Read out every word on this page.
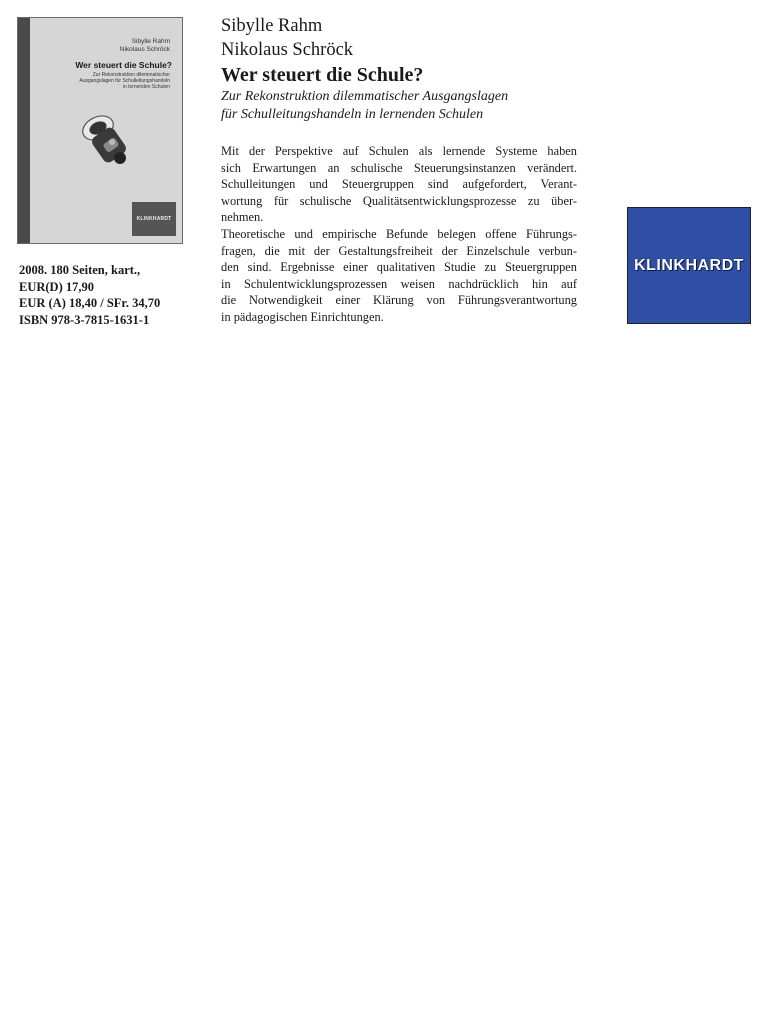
Sibylle Rahm
Nikolaus Schröck
Wer steuert die Schule?
Zur Rekonstruktion dilemmatischer
Ausgangslagen für Schulleitungshandeln
in lernenden Schulen
KLINKHARDT
2008. 180 Seiten, kart.,
EUR(D) 17,90
EUR (A) 18,40 / SFr. 34,70
ISBN 978-3-7815-1631-1
Sibylle Rahm
Nikolaus Schröck
Wer steuert die Schule?
Zur Rekonstruktion dilemmatischer Ausgangslagen
für Schulleitungshandeln in lernenden Schulen
Mit der Perspektive auf Schulen als lernende Systeme haben
sich Erwartungen an schulische Steuerungsinstanzen verändert.
Schulleitungen und Steuergruppen sind aufgefordert, Verant-
wortung für schulische Qualitätsentwicklungsprozesse zu über-
nehmen.
Theoretische und empirische Befunde belegen offene Führungs-
fragen, die mit der Gestaltungsfreiheit der Einzelschule verbun-
den sind. Ergebnisse einer qualitativen Studie zu Steuergruppen
in Schulentwicklungsprozessen weisen nachdrücklich hin auf
die Notwendigkeit einer Klärung von Führungsverantwortung
in pädagogischen Einrichtungen.
KLINKHARDT
